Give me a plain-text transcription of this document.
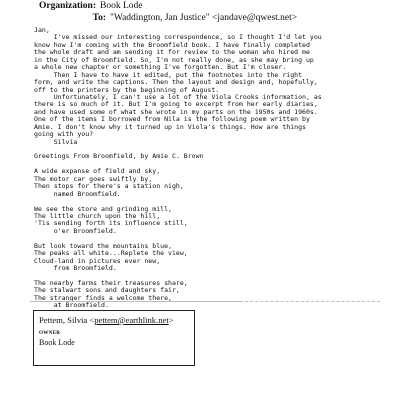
Organization: Book Lode
To: "Waddington, Jan Justice" <jandave@qwest.net>
Jan,
I've missed our interesting correspondence, so I thought I'd let you
know how I'm coming with the Broomfield book. I have finally completed
the whole draft and am sending it for review to the woman who hired me
in the City of Broomfield. So, I'm not really done, as she may bring up
a whole new chapter or something I've forgotten. But I'm closer.
Then I have to have it edited, put the footnotes into the right
form, and write the captions. Then the layout and design and, hopefully,
off to the printers by the beginning of August.
Unfortunately, I can't use a lot of the Viola Crooks information, as
there is so much of it. But I'm going to excerpt from her early diaries,
and have used some of what she wrote in my parts on the 1950s and 1960s.
One of the items I borrowed from Nila is the following poem written by
Amie. I don't know why it turned up in Viola's things. How are things
going with you?
Silvia
Greetings From Broomfield, by Amie C. Brown
A wide expanse of field and sky,
The motor car goes swiftly by,
Then stops for there's a station nigh,
named Broomfield.
We see the store and grinding mill,
The little church upon the hill,
'Tis sending forth its influence still,
o'er Broomfield.
But look toward the mountains blue,
The peaks all white...Replete the view,
Cloud-land in pictures ever new,
from Broomfield.
The nearby farms their treasures share,
The stalwart sons and daughters fair,
The stranger finds a welcome there,
at Broomfield.
Pettem, Silvia <pettem@earthlink.net>
OWNER
Book Lode
